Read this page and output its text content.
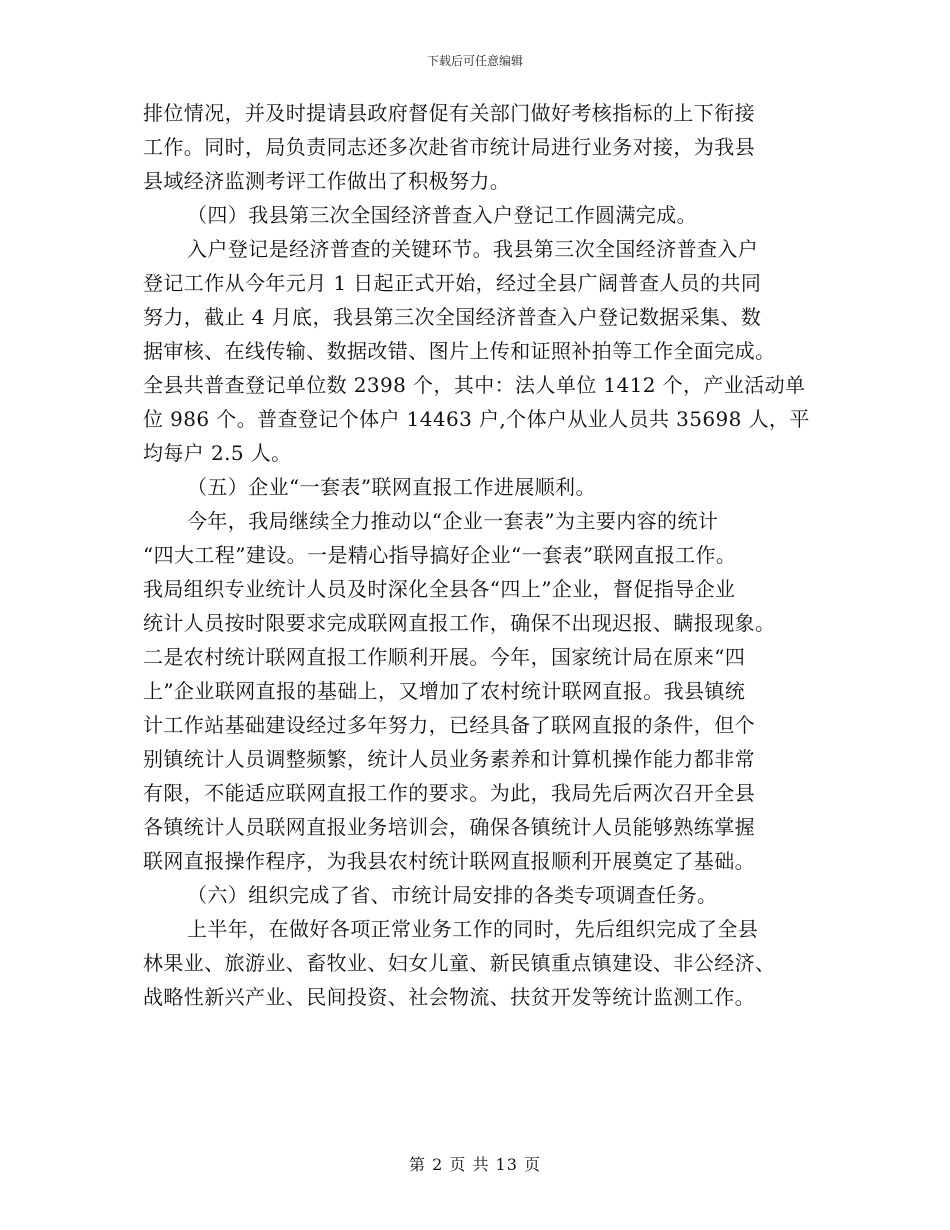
下载后可任意编辑
排位情况，并及时提请县政府督促有关部门做好考核指标的上下衔接
工作。同时，局负责同志还多次赴省市统计局进行业务对接，为我县
县域经济监测考评工作做出了积极努力。
（四）我县第三次全国经济普查入户登记工作圆满完成。
入户登记是经济普查的关键环节。我县第三次全国经济普查入户
登记工作从今年元月 1 日起正式开始，经过全县广阔普查人员的共同
努力，截止 4 月底，我县第三次全国经济普查入户登记数据采集、数
据审核、在线传输、数据改错、图片上传和证照补拍等工作全面完成。
全县共普查登记单位数 2398 个，其中：法人单位 1412 个，产业活动单
位 986 个。普查登记个体户 14463 户,个体户从业人员共 35698 人，平
均每户 2.5 人。
（五）企业“一套表”联网直报工作进展顺利。
今年，我局继续全力推动以“企业一套表”为主要内容的统计
“四大工程”建设。一是精心指导搞好企业“一套表”联网直报工作。
我局组织专业统计人员及时深化全县各“四上”企业，督促指导企业
统计人员按时限要求完成联网直报工作，确保不出现迟报、瞒报现象。
二是农村统计联网直报工作顺利开展。今年，国家统计局在原来“四
上”企业联网直报的基础上，又增加了农村统计联网直报。我县镇统
计工作站基础建设经过多年努力，已经具备了联网直报的条件，但个
别镇统计人员调整频繁，统计人员业务素养和计算机操作能力都非常
有限，不能适应联网直报工作的要求。为此，我局先后两次召开全县
各镇统计人员联网直报业务培训会，确保各镇统计人员能够熟练掌握
联网直报操作程序，为我县农村统计联网直报顺利开展奠定了基础。
（六）组织完成了省、市统计局安排的各类专项调查任务。
上半年，在做好各项正常业务工作的同时，先后组织完成了全县
林果业、旅游业、畜牧业、妇女儿童、新民镇重点镇建设、非公经济、
战略性新兴产业、民间投资、社会物流、扶贫开发等统计监测工作。
第 2 页 共 13 页
